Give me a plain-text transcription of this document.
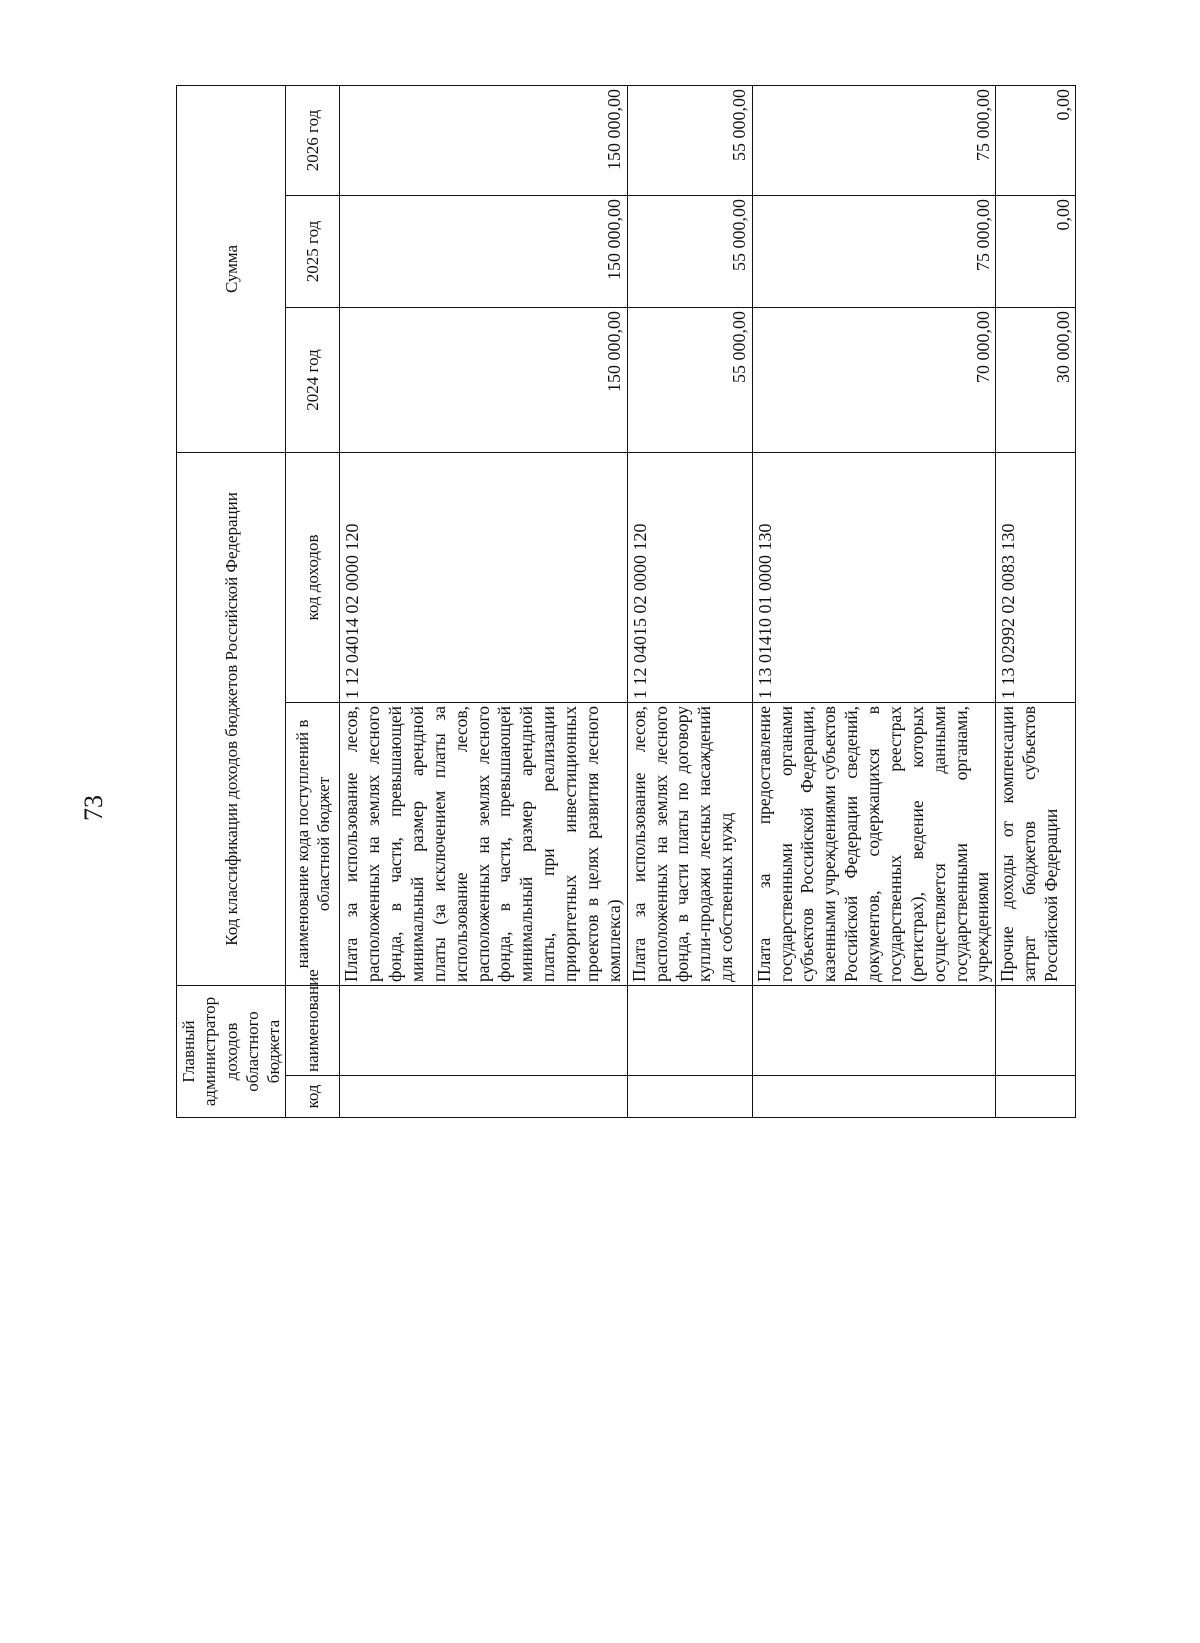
73
Главный администратор доходов областного бюджета		Код классификации доходов бюджетов Российской Федерации		Сумма		
код	наименование	наименование кода поступлений в областной бюджет	код доходов	2024 год	2025 год	2026 год
		Плата за использование лесов, расположенных на землях лесного фонда, в части, превышающей минимальный размер арендной платы (за исключением платы за использование лесов, расположенных на землях лесного фонда, в части, превышающей минимальный размер арендной платы, при реализации приоритетных инвестиционных проектов в целях развития лесного комплекса)	1 12 04014 02 0000 120	150 000,00	150 000,00	150 000,00
		Плата за использование лесов, расположенных на землях лесного фонда, в части платы по договору купли-продажи лесных насаждений для собственных нужд	1 12 04015 02 0000 120	55 000,00	55 000,00	55 000,00
		Плата за предоставление государственными органами субъектов Российской Федерации, казенными учреждениями субъектов Российской Федерации сведений, документов, содержащихся в государственных реестрах (регистрах), ведение которых осуществляется данными государственными органами, учреждениями	1 13 01410 01 0000 130	70 000,00	75 000,00	75 000,00
		Прочие доходы от компенсации затрат бюджетов субъектов Российской Федерации	1 13 02992 02 0083 130	30 000,00	0,00	0,00
